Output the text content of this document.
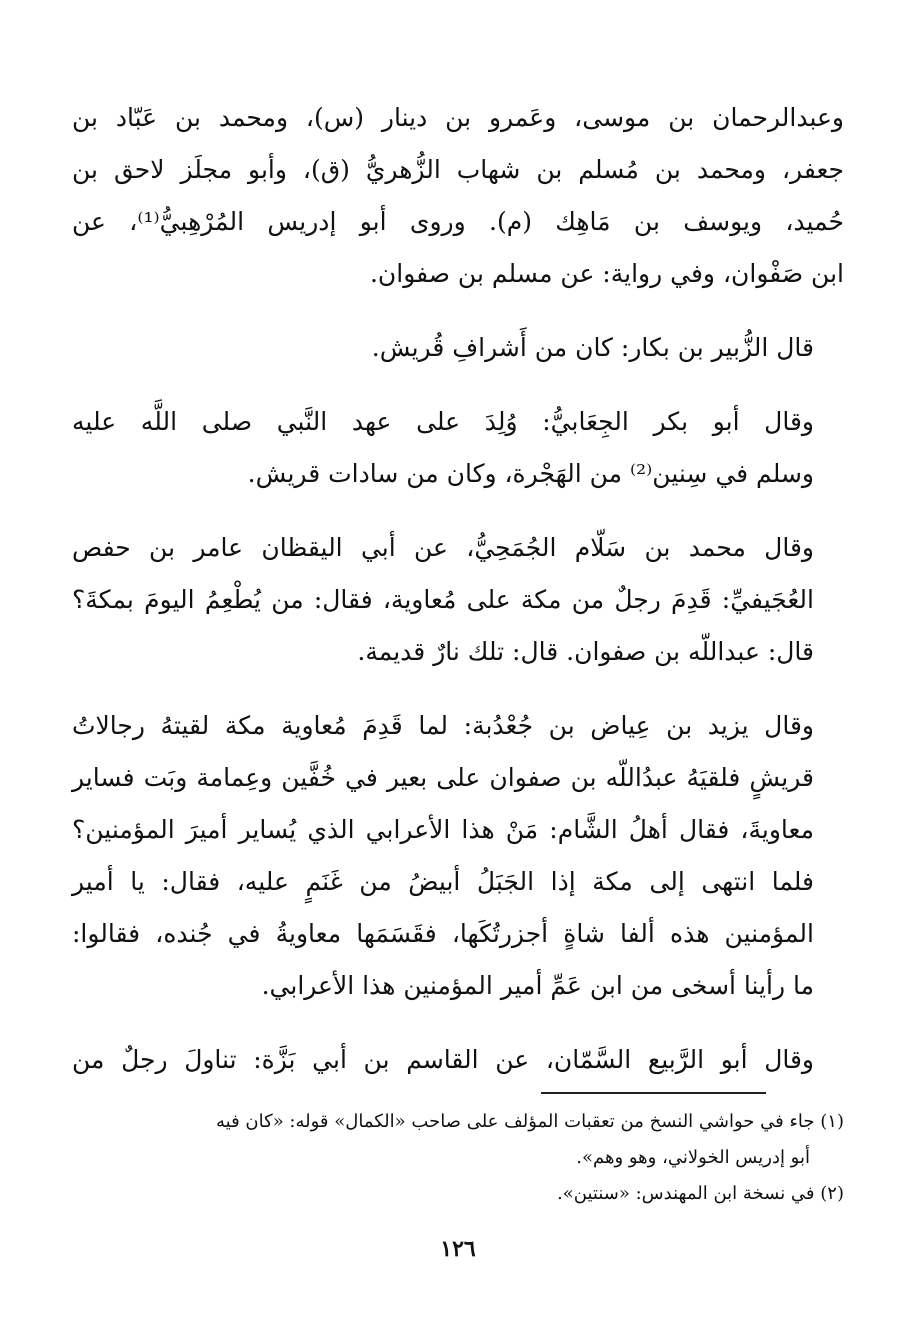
وعبدالرحمان بن موسى، وعَمرو بن دينار (س)، ومحمد بن عَبّاد بن
جعفر، ومحمد بن مُسلم بن شهاب الزُّهريُّ (ق)، وأبو مجلَز لاحق بن
حُميد، ويوسف بن مَاهِك (م). وروى أبو إدريس المُرْهِبيُّ⁽¹⁾، عن
ابن صَفْوان، وفي رواية: عن مسلم بن صفوان.

قال الزُّبير بن بكار: كان من أَشرافِ قُريش.

وقال أبو بكر الجِعَابيُّ: وُلِدَ على عهد النَّبي صلى اللَّه عليه
وسلم في سِنين⁽²⁾ من الهَجْرة، وكان من سادات قريش.

وقال محمد بن سَلّام الجُمَحِيُّ، عن أبي اليقظان عامر بن حفص
العُجَيفيِّ: قَدِمَ رجلٌ من مكة على مُعاوية، فقال: من يُطْعِمُ اليومَ بمكةَ؟
قال: عبداللّه بن صفوان. قال: تلك نارٌ قديمة.

وقال يزيد بن عِياض بن جُعْدُبة: لما قَدِمَ مُعاوية مكة لقيتهُ رجالاتُ
قريشٍ فلقيَهُ عبدُاللّه بن صفوان على بعير في خُفَّين وعِمامة وبَت فساير
معاويةَ، فقال أهلُ الشَّام: مَنْ هذا الأعرابي الذي يُساير أميرَ المؤمنين؟
فلما انتهى إلى مكة إذا الجَبَلُ أبيضُ من غَنَمٍ عليه، فقال: يا أمير
المؤمنين هذه ألفا شاةٍ أجزرتُكَها، فقَسَمَها معاويةُ في جُنده، فقالوا:
ما رأينا أسخى من ابن عَمِّ أمير المؤمنين هذا الأعرابي.

وقال أبو الرَّبيع السَّمّان، عن القاسم بن أبي بَزَّة: تناولَ رجلٌ من

(١) جاء في حواشي النسخ من تعقبات المؤلف على صاحب «الكمال» قوله: «كان فيه
أبو إدريس الخولاني، وهو وهم».

(٢) في نسخة ابن المهندس: «سنتين».

١٢٦
